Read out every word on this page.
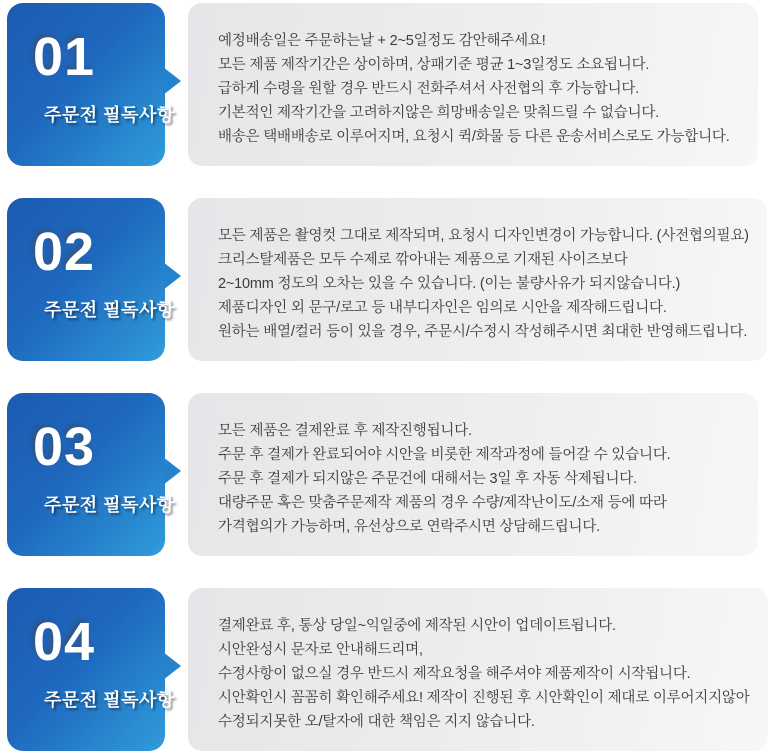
01
주문전 필독사항

예정배송일은 주문하는날 + 2~5일정도 감안해주세요!

모든 제품 제작기간은 상이하며, 상패기준 평균 1~3일정도 소요됩니다.

급하게 수령을 원할 경우 반드시 전화주셔서 사전협의 후 가능합니다.

기본적인 제작기간을 고려하지않은 희망배송일은 맞춰드릴 수 없습니다.

배송은 택배배송로 이루어지며, 요청시 퀵/화물 등 다른 운송서비스로도 가능합니다.

02
주문전 필독사항

모든 제품은 촬영컷 그대로 제작되며, 요청시 디자인변경이 가능합니다. (사전협의필요)

크리스탈제품은 모두 수제로 깎아내는 제품으로 기재된 사이즈보다

2~10mm 정도의 오차는 있을 수 있습니다. (이는 불량사유가 되지않습니다.)

제품디자인 외 문구/로고 등 내부디자인은 임의로 시안을 제작해드립니다.

원하는 배열/컬러 등이 있을 경우, 주문시/수정시 작성해주시면 최대한 반영해드립니다.

03
주문전 필독사항

모든 제품은 결제완료 후 제작진행됩니다.

주문 후 결제가 완료되어야 시안을 비롯한 제작과정에 들어갈 수 있습니다.

주문 후 결제가 되지않은 주문건에 대해서는 3일 후 자동 삭제됩니다.

대량주문 혹은 맞춤주문제작 제품의 경우 수량/제작난이도/소재 등에 따라

가격협의가 가능하며, 유선상으로 연락주시면 상담해드립니다.

04
주문전 필독사항

결제완료 후, 통상 당일~익일중에 제작된 시안이 업데이트됩니다.

시안완성시 문자로 안내해드리며,

수정사항이 없으실 경우 반드시 제작요청을 해주셔야 제품제작이 시작됩니다.

시안확인시 꼼꼼히 확인해주세요! 제작이 진행된 후 시안확인이 제대로 이루어지지않아

수정되지못한 오/탈자에 대한 책임은 지지 않습니다.
